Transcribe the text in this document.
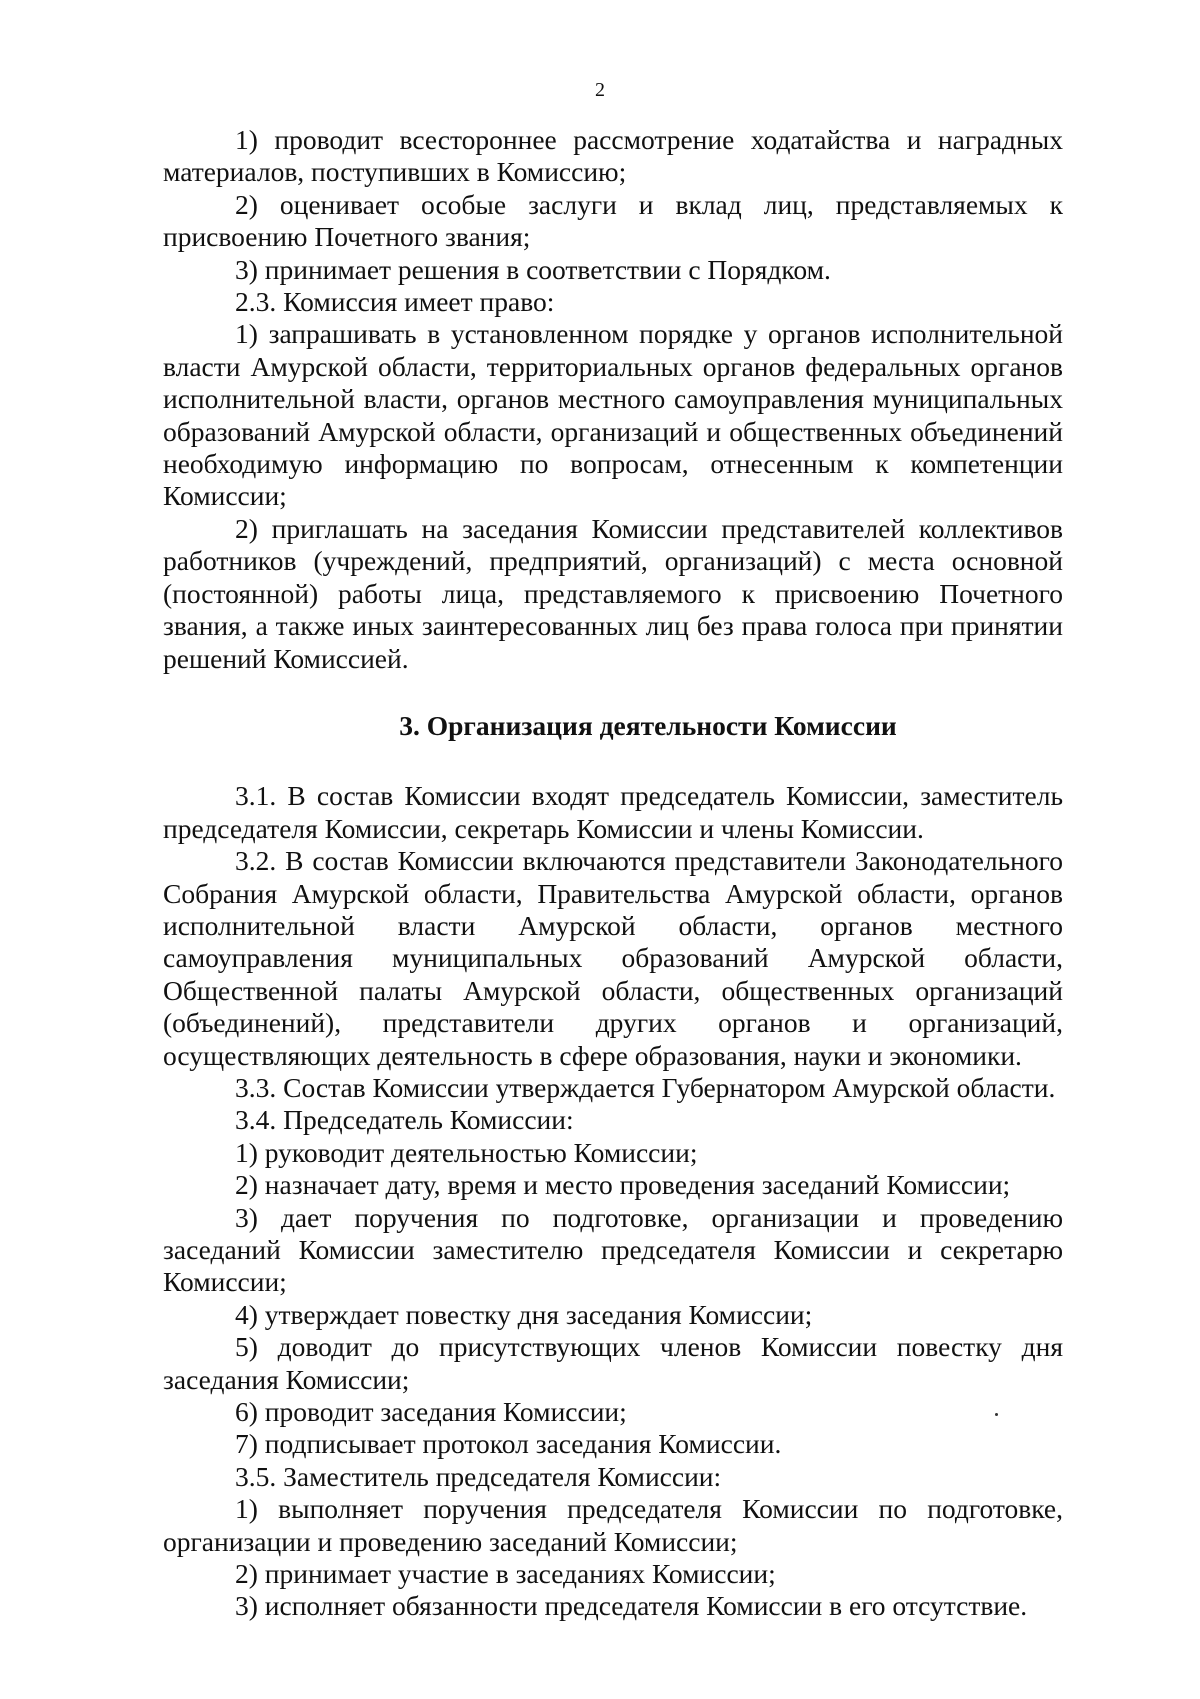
2

1) проводит всестороннее рассмотрение ходатайства и наградных материалов, поступивших в Комиссию;

2) оценивает особые заслуги и вклад лиц, представляемых к присвоению Почетного звания;

3) принимает решения в соответствии с Порядком.

2.3. Комиссия имеет право:

1) запрашивать в установленном порядке у органов исполнительной власти Амурской области, территориальных органов федеральных органов исполнительной власти, органов местного самоуправления муниципальных образований Амурской области, организаций и общественных объединений необходимую информацию по вопросам, отнесенным к компетенции Комиссии;

2) приглашать на заседания Комиссии представителей коллективов работников (учреждений, предприятий, организаций) с места основной (постоянной) работы лица, представляемого к присвоению Почетного звания, а также иных заинтересованных лиц без права голоса при принятии решений Комиссией.

3. Организация деятельности Комиссии

3.1. В состав Комиссии входят председатель Комиссии, заместитель председателя Комиссии, секретарь Комиссии и члены Комиссии.

3.2. В состав Комиссии включаются представители Законодательного Собрания Амурской области, Правительства Амурской области, органов исполнительной власти Амурской области, органов местного самоуправления муниципальных образований Амурской области, Общественной палаты Амурской области, общественных организаций (объединений), представители других органов и организаций, осуществляющих деятельность в сфере образования, науки и экономики.

3.3. Состав Комиссии утверждается Губернатором Амурской области.

3.4. Председатель Комиссии:

1) руководит деятельностью Комиссии;

2) назначает дату, время и место проведения заседаний Комиссии;

3) дает поручения по подготовке, организации и проведению заседаний Комиссии заместителю председателя Комиссии и секретарю Комиссии;

4) утверждает повестку дня заседания Комиссии;

5) доводит до присутствующих членов Комиссии повестку дня заседания Комиссии;

6) проводит заседания Комиссии;

7) подписывает протокол заседания Комиссии.

3.5. Заместитель председателя Комиссии:

1) выполняет поручения председателя Комиссии по подготовке, организации и проведению заседаний Комиссии;

2) принимает участие в заседаниях Комиссии;

3) исполняет обязанности председателя Комиссии в его отсутствие.
